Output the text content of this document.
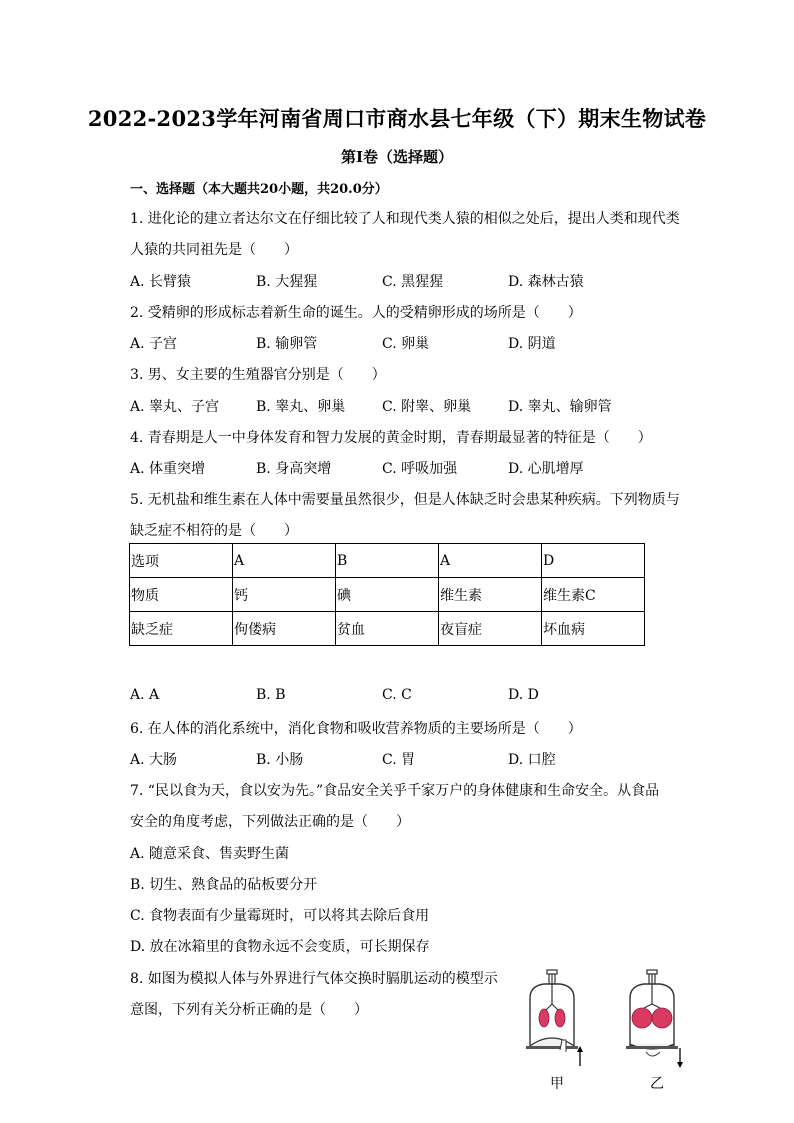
2022-2023学年河南省周口市商水县七年级（下）期末生物试卷
第I卷（选择题）
一、选择题（本大题共20小题，共20.0分）
1. 进化论的建立者达尔文在仔细比较了人和现代类人猿的相似之处后，提出人类和现代类
人猿的共同祖先是（　　）
A. 长臂猿	B. 大猩猩	C. 黑猩猩	D. 森林古猿
2. 受精卵的形成标志着新生命的诞生。人的受精卵形成的场所是（　　）
A. 子宫	B. 输卵管	C. 卵巢	D. 阴道
3. 男、女主要的生殖器官分别是（　　）
A. 睾丸、子宫	B. 睾丸、卵巢	C. 附睾、卵巢	D. 睾丸、输卵管
4. 青春期是人一中身体发育和智力发展的黄金时期，青春期最显著的特征是（　　）
A. 体重突增	B. 身高突增	C. 呼吸加强	D. 心肌增厚
5. 无机盐和维生素在人体中需要量虽然很少，但是人体缺乏时会患某种疾病。下列物质与
缺乏症不相符的是（　　）
选项	A	B	A	D
物质	钙	碘	维生素	维生素C
缺乏症	佝偻病	贫血	夜盲症	坏血病
A. A	B. B	C. C	D. D
6. 在人体的消化系统中，消化食物和吸收营养物质的主要场所是（　　）
A. 大肠	B. 小肠	C. 胃	D. 口腔
7. “民以食为天，食以安为先。”食品安全关乎千家万户的身体健康和生命安全。从食品
安全的角度考虑，下列做法正确的是（　　）
A. 随意采食、售卖野生菌
B. 切生、熟食品的砧板要分开
C. 食物表面有少量霉斑时，可以将其去除后食用
D. 放在冰箱里的食物永远不会变质，可长期保存
8. 如图为模拟人体与外界进行气体交换时膈肌运动的模型示
意图，下列有关分析正确的是（　　）
甲	乙
